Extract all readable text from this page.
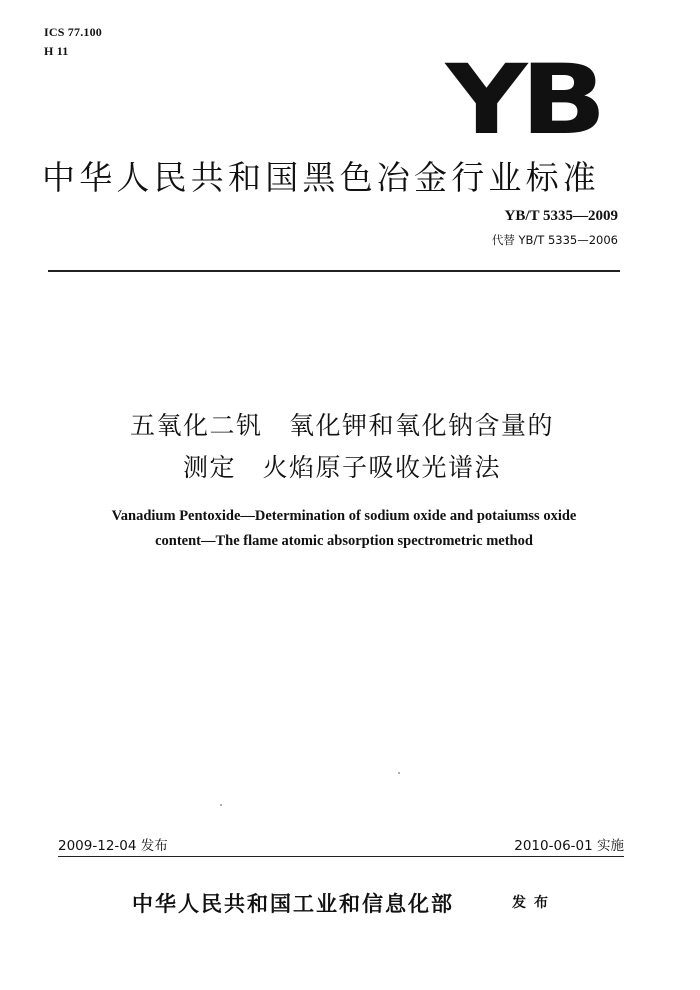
ICS 77.100
H 11	YB
中华人民共和国黑色冶金行业标准
YB/T 5335—2009
代替 YB/T 5335—2006
五氧化二钒　氧化钾和氧化钠含量的
测定　火焰原子吸收光谱法
Vanadium Pentoxide—Determination of sodium oxide and potaiumss oxide
content—The flame atomic absorption spectrometric method
2009-12-04 发布	2010-06-01 实施
中华人民共和国工业和信息化部	发布
